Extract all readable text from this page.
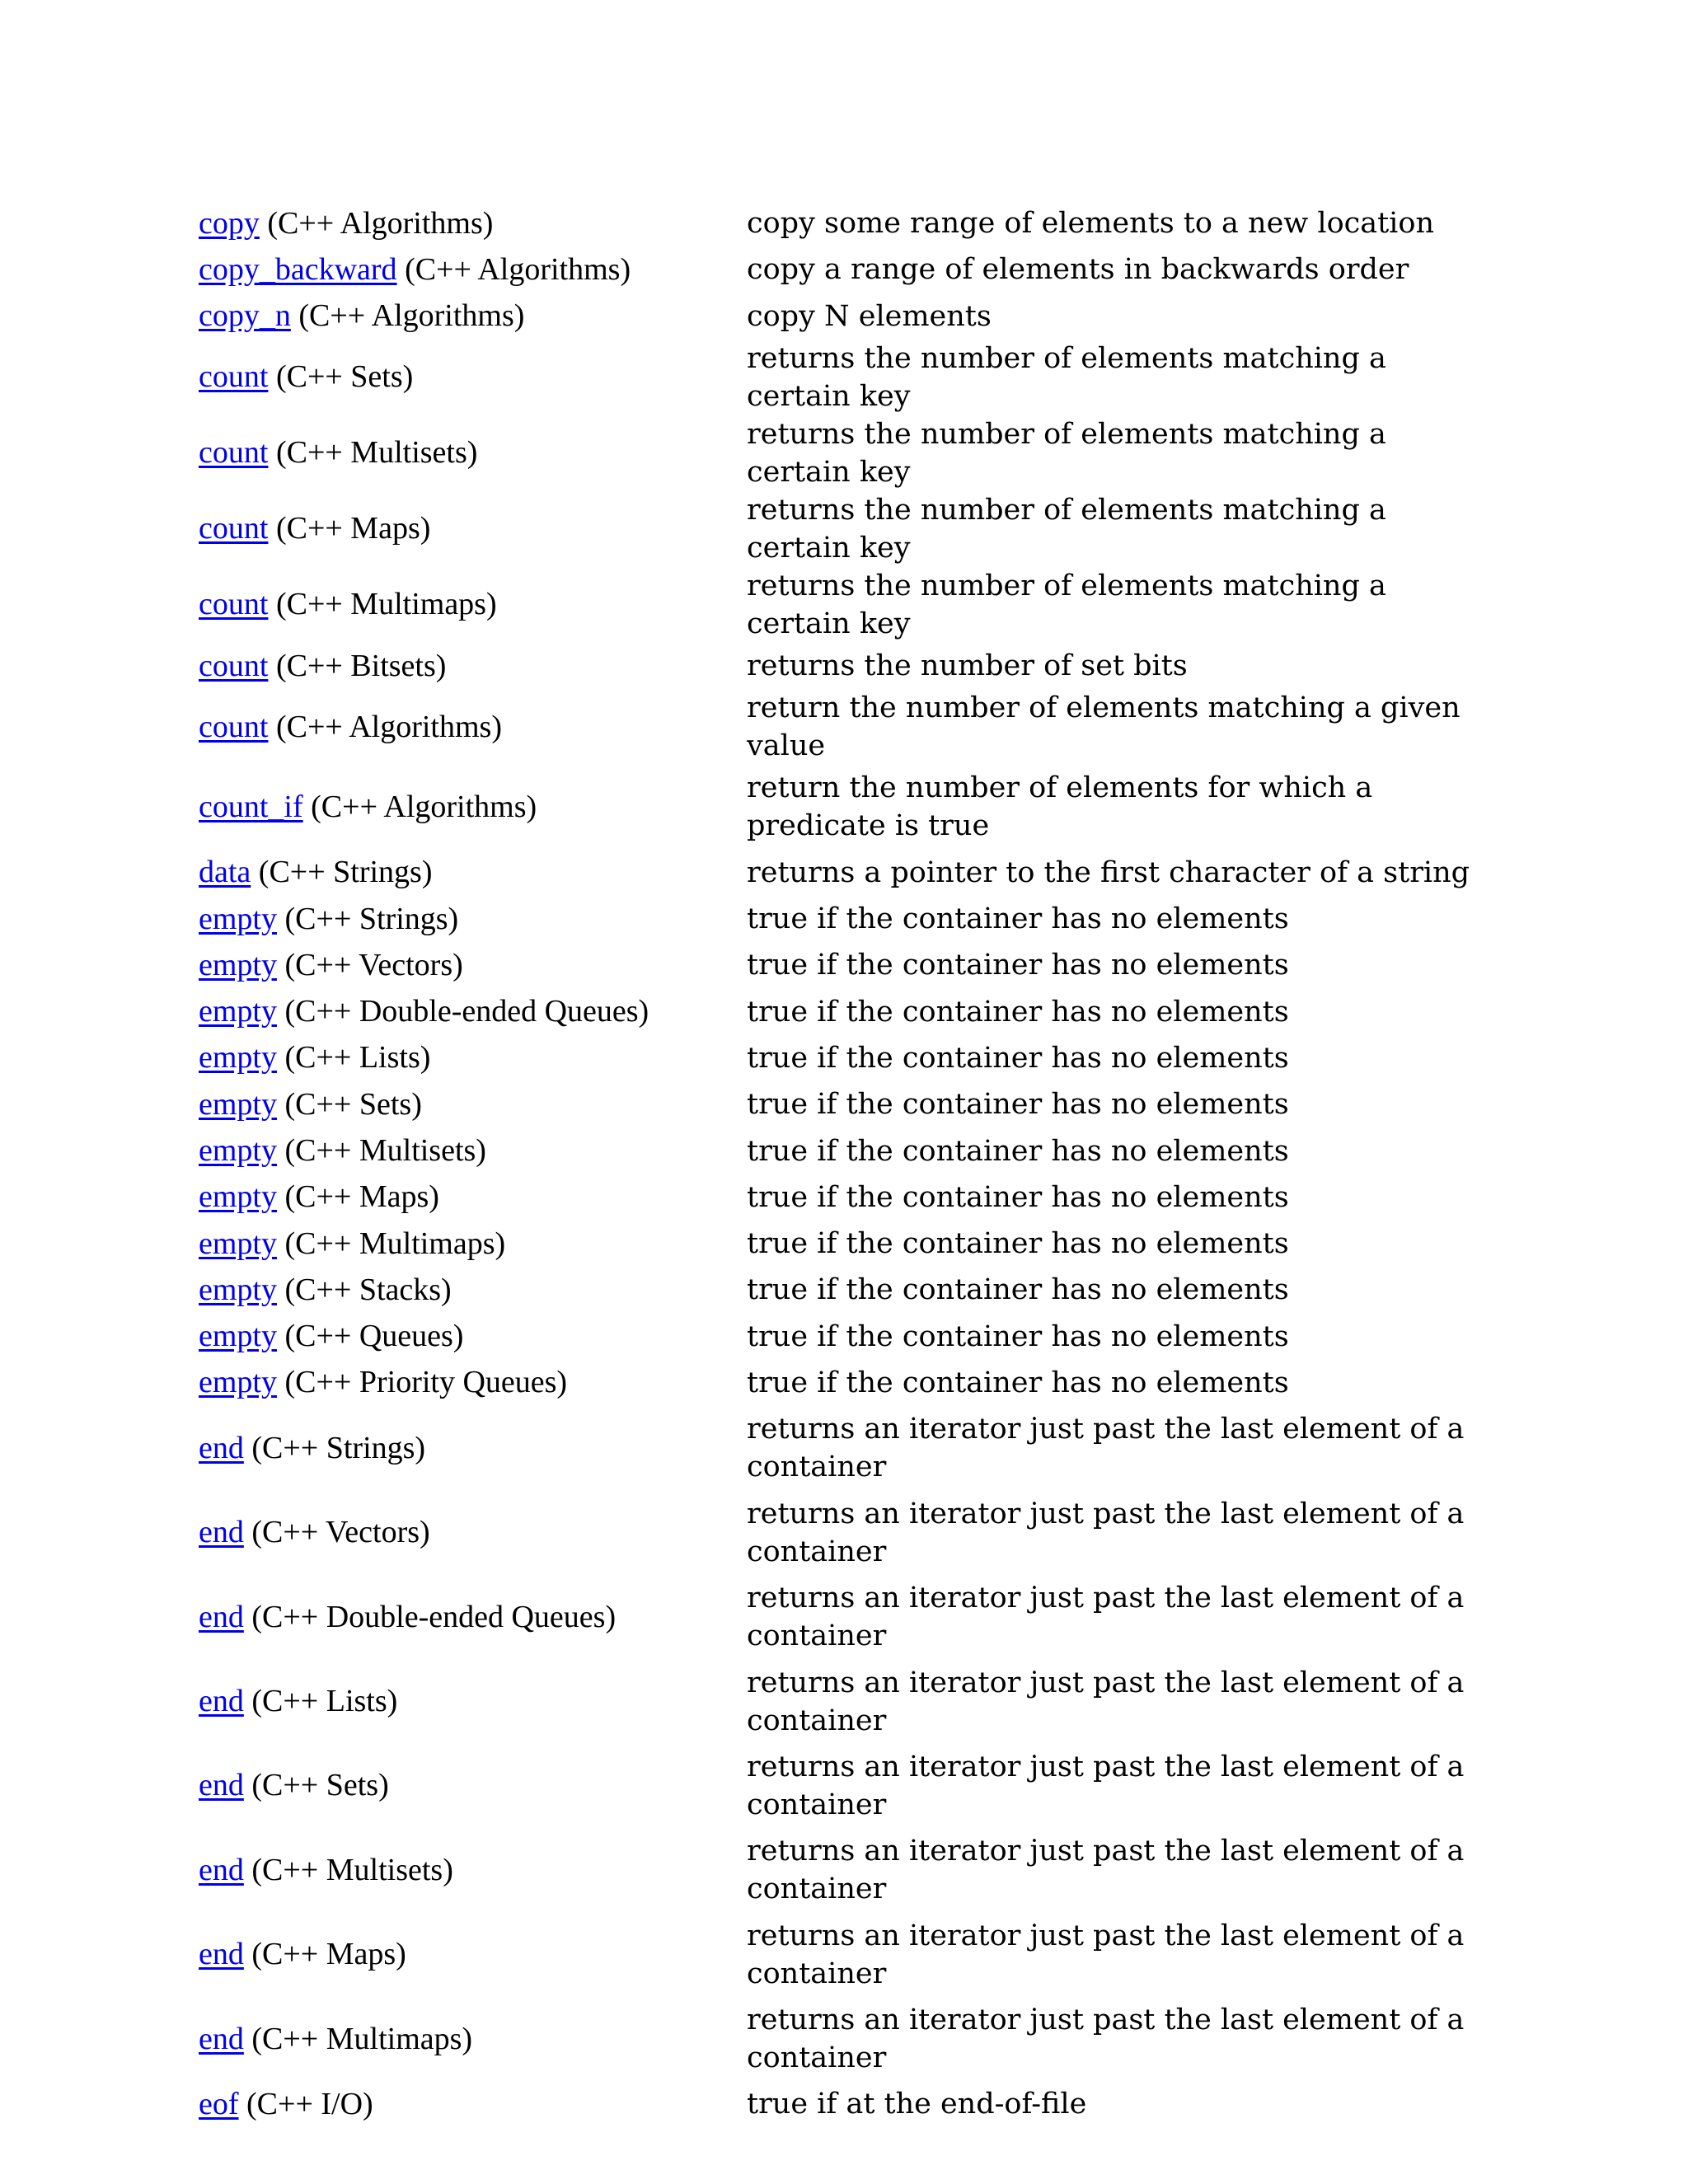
copy (C++ Algorithms)	copy some range of elements to a new location
copy_backward (C++ Algorithms)	copy a range of elements in backwards order
copy_n (C++ Algorithms)	copy N elements
count (C++ Sets)	returns the number of elements matching a certain key
count (C++ Multisets)	returns the number of elements matching a certain key
count (C++ Maps)	returns the number of elements matching a certain key
count (C++ Multimaps)	returns the number of elements matching a certain key
count (C++ Bitsets)	returns the number of set bits
count (C++ Algorithms)	return the number of elements matching a given value
count_if (C++ Algorithms)	return the number of elements for which a predicate is true
data (C++ Strings)	returns a pointer to the first character of a string
empty (C++ Strings)	true if the container has no elements
empty (C++ Vectors)	true if the container has no elements
empty (C++ Double-ended Queues)	true if the container has no elements
empty (C++ Lists)	true if the container has no elements
empty (C++ Sets)	true if the container has no elements
empty (C++ Multisets)	true if the container has no elements
empty (C++ Maps)	true if the container has no elements
empty (C++ Multimaps)	true if the container has no elements
empty (C++ Stacks)	true if the container has no elements
empty (C++ Queues)	true if the container has no elements
empty (C++ Priority Queues)	true if the container has no elements
end (C++ Strings)	returns an iterator just past the last element of a container
end (C++ Vectors)	returns an iterator just past the last element of a container
end (C++ Double-ended Queues)	returns an iterator just past the last element of a container
end (C++ Lists)	returns an iterator just past the last element of a container
end (C++ Sets)	returns an iterator just past the last element of a container
end (C++ Multisets)	returns an iterator just past the last element of a container
end (C++ Maps)	returns an iterator just past the last element of a container
end (C++ Multimaps)	returns an iterator just past the last element of a container
eof (C++ I/O)	true if at the end-of-file
